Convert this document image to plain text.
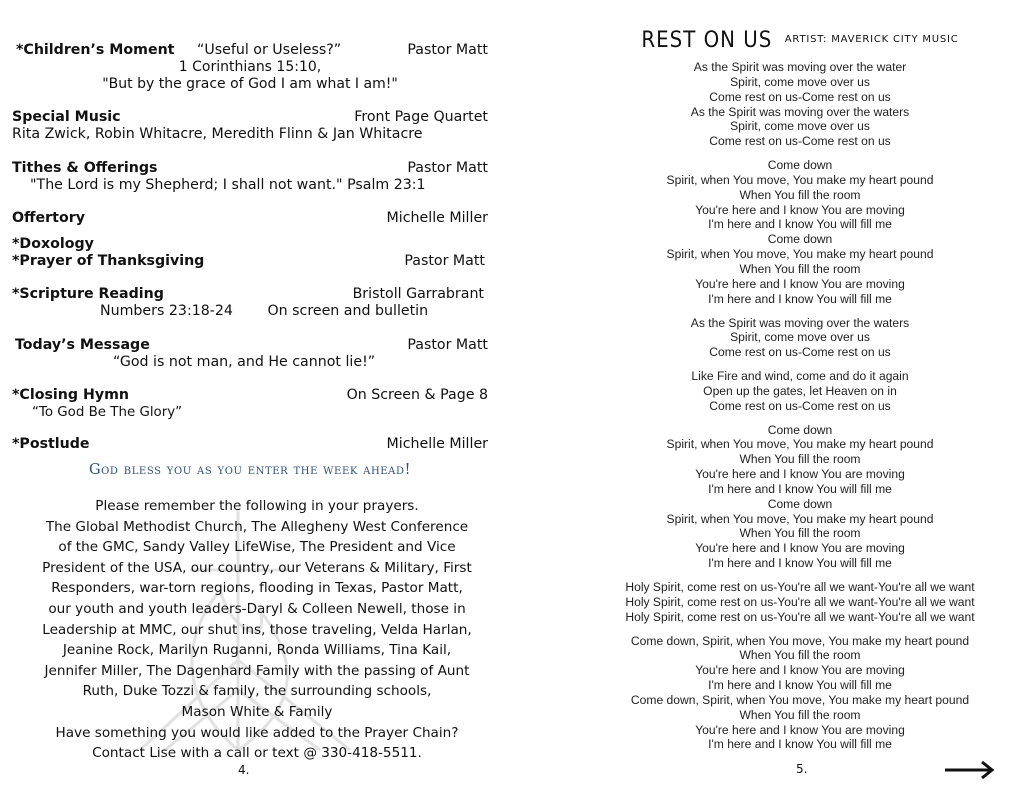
*Children’s Moment “Useful or Useless?”	Pastor Matt
1 Corinthians 15:10,
"But by the grace of God I am what I am!"
Special Music	Front Page Quartet
Rita Zwick, Robin Whitacre, Meredith Flinn & Jan Whitacre
Tithes & Offerings	Pastor Matt
"The Lord is my Shepherd; I shall not want." Psalm 23:1
Offertory	Michelle Miller
*Doxology
*Prayer of Thanksgiving	Pastor Matt
*Scripture Reading	Bristoll Garrabrant
Numbers 23:18-24 On screen and bulletin
Today’s Message	Pastor Matt
“God is not man, and He cannot lie!”
*Closing Hymn	On Screen & Page 8
“To God Be The Glory”
*Postlude	Michelle Miller
God bless you as you enter the week ahead!
Please remember the following in your prayers.
The Global Methodist Church, The Allegheny West Conference
of the GMC, Sandy Valley LifeWise, The President and Vice
President of the USA, our country, our Veterans & Military, First
Responders, war-torn regions, flooding in Texas, Pastor Matt,
our youth and youth leaders-Daryl & Colleen Newell, those in
Leadership at MMC, our shut ins, those traveling, Velda Harlan,
Jeanine Rock, Marilyn Ruganni, Ronda Williams, Tina Kail,
Jennifer Miller, The Dagenhard Family with the passing of Aunt
Ruth, Duke Tozzi & family, the surrounding schools,
Mason White & Family
Have something you would like added to the Prayer Chain?
Contact Lise with a call or text @ 330-418-5511.
4.
REST ON US $^{ARTIST: MAVERICK CITY MUSIC}$
As the Spirit was moving over the water
Spirit, come move over us
Come rest on us-Come rest on us
As the Spirit was moving over the waters
Spirit, come move over us
Come rest on us-Come rest on us
Come down
Spirit, when You move, You make my heart pound
When You fill the room
You're here and I know You are moving
I'm here and I know You will fill me
Come down
Spirit, when You move, You make my heart pound
When You fill the room
You're here and I know You are moving
I'm here and I know You will fill me
As the Spirit was moving over the waters
Spirit, come move over us
Come rest on us-Come rest on us
Like Fire and wind, come and do it again
Open up the gates, let Heaven on in
Come rest on us-Come rest on us
Come down
Spirit, when You move, You make my heart pound
When You fill the room
You're here and I know You are moving
I'm here and I know You will fill me
Come down
Spirit, when You move, You make my heart pound
When You fill the room
You're here and I know You are moving
I'm here and I know You will fill me
Holy Spirit, come rest on us-You're all we want-You're all we want
Holy Spirit, come rest on us-You're all we want-You're all we want
Holy Spirit, come rest on us-You're all we want-You're all we want
Come down, Spirit, when You move, You make my heart pound
When You fill the room
You're here and I know You are moving
I'm here and I know You will fill me
Come down, Spirit, when You move, You make my heart pound
When You fill the room
You're here and I know You are moving
I'm here and I know You will fill me
5.
